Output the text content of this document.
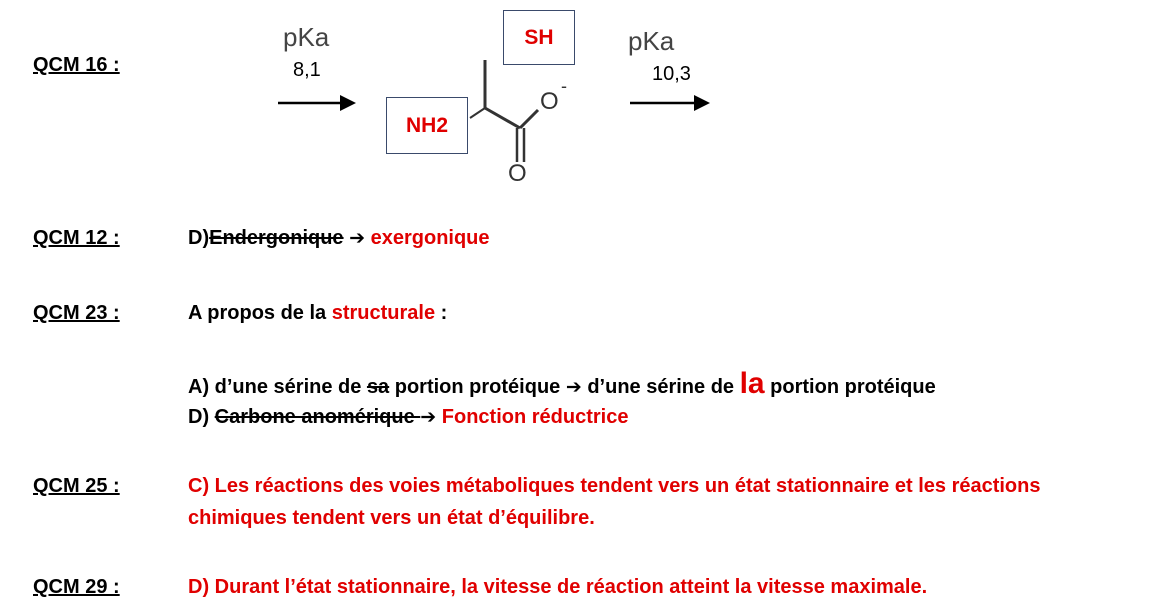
QCM 16 :
pKa
8,1
pKa
10,3
O
-
O
SH
NH2
QCM 12 :	D)Endergonique ➔ exergonique
QCM 23 :	A propos de la structurale :
A) d’une sérine de sa portion protéique ➔ d’une sérine de la portion protéique
D) Carbone anomérique ➔ Fonction réductrice
QCM 25 :	C) Les réactions des voies métaboliques tendent vers un état stationnaire et les réactions
chimiques tendent vers un état d’équilibre.
QCM 29 :	D) Durant l’état stationnaire, la vitesse de réaction atteint la vitesse maximale.
